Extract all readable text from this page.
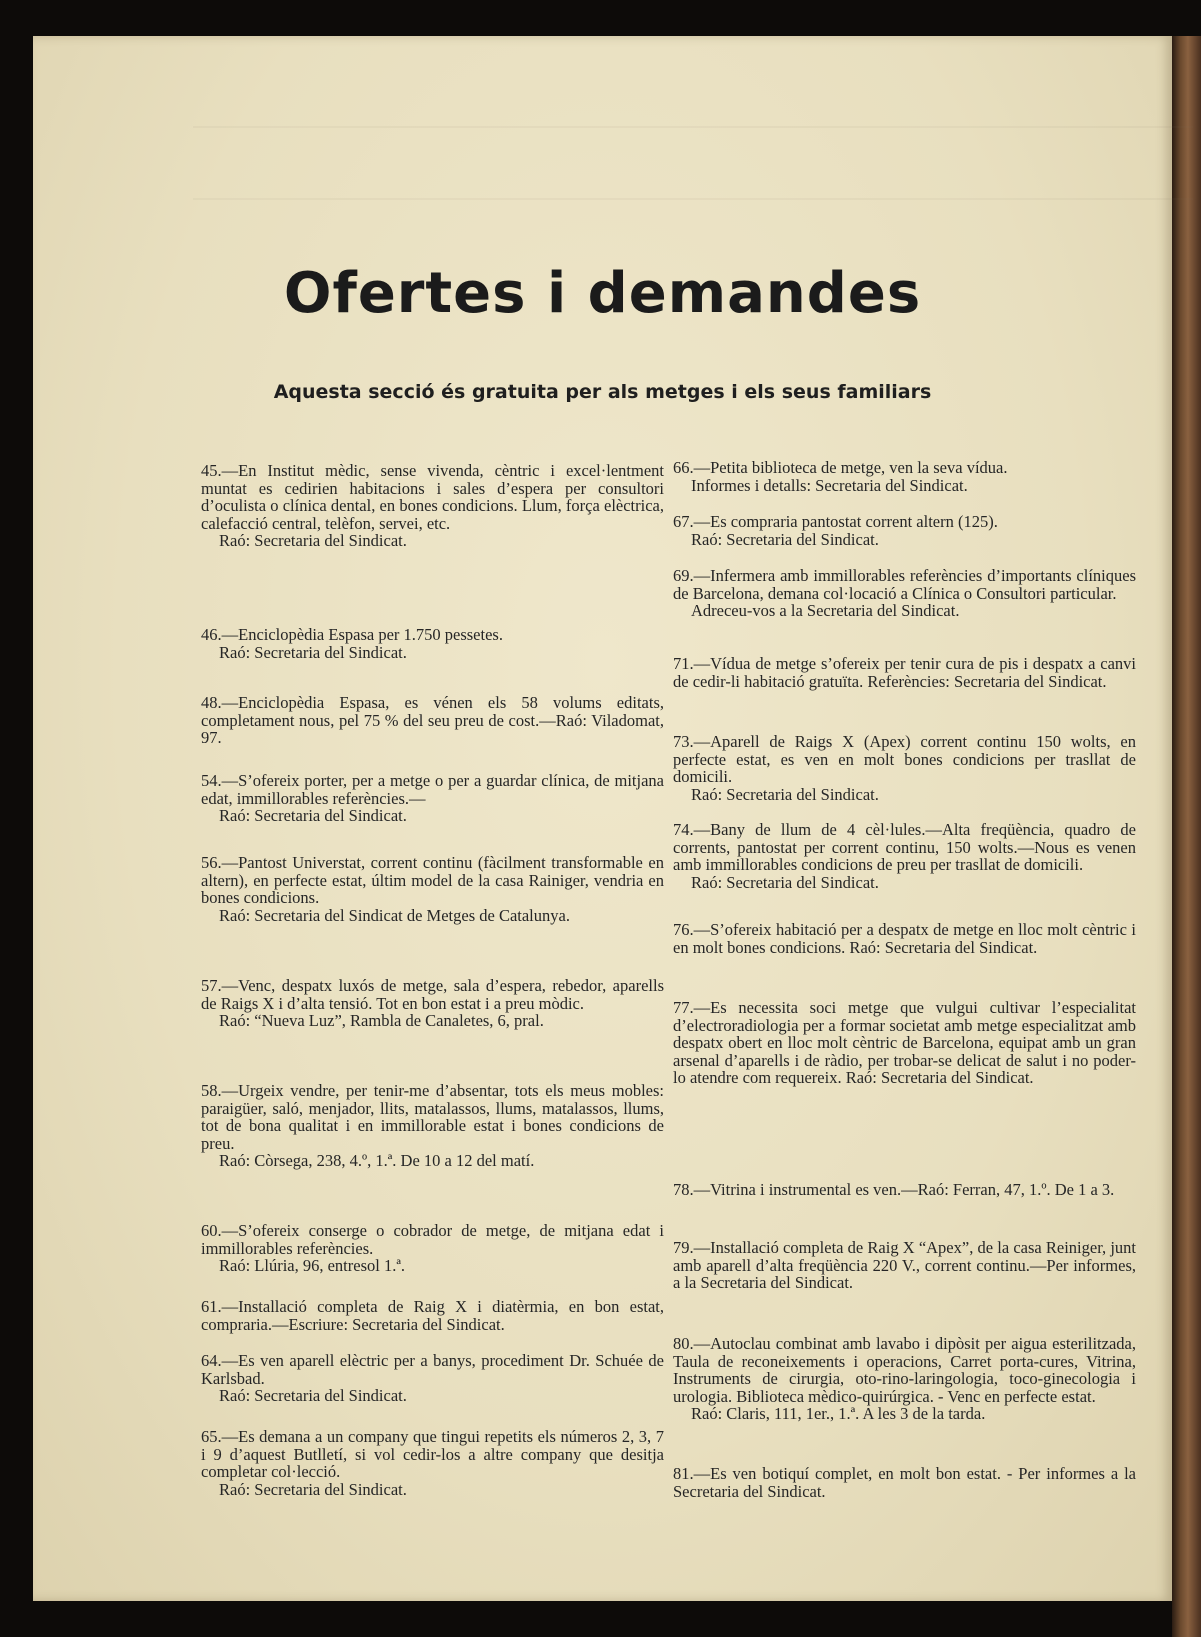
Ofertes i demandes
Aquesta secció és gratuita per als metges i els seus familiars

45.—En Institut mèdic, sense vivenda, cèntric i excel·lentment muntat es cedirien habitacions i sales d’espera per consultori d’oculista o clínica dental, en bones condicions. Llum, força elèctrica, calefacció central, telèfon, servei, etc.
Raó: Secretaria del Sindicat.

46.—Enciclopèdia Espasa per 1.750 pessetes.
Raó: Secretaria del Sindicat.

48.—Enciclopèdia Espasa, es vénen els 58 volums editats, completament nous, pel 75 % del seu preu de cost.—Raó: Viladomat, 97.

54.—S’ofereix porter, per a metge o per a guardar clínica, de mitjana edat, immillorables referències.—
Raó: Secretaria del Sindicat.

56.—Pantost Universtat, corrent continu (fàcilment transformable en altern), en perfecte estat, últim model de la casa Rainiger, vendria en bones condicions.
Raó: Secretaria del Sindicat de Metges de Catalunya.

57.—Venc, despatx luxós de metge, sala d’espera, rebedor, aparells de Raigs X i d’alta tensió. Tot en bon estat i a preu mòdic.
Raó: “Nueva Luz”, Rambla de Canaletes, 6, pral.

58.—Urgeix vendre, per tenir-me d’absentar, tots els meus mobles: paraigüer, saló, menjador, llits, matalassos, llums, matalassos, llums, tot de bona qualitat i en immillorable estat i bones condicions de preu.
Raó: Còrsega, 238, 4.º, 1.ª. De 10 a 12 del matí.

60.—S’ofereix conserge o cobrador de metge, de mitjana edat i immillorables referències.
Raó: Llúria, 96, entresol 1.ª.

61.—Installació completa de Raig X i diatèrmia, en bon estat, compraria.—Escriure: Secretaria del Sindicat.

64.—Es ven aparell elèctric per a banys, procediment Dr. Schuée de Karlsbad.
Raó: Secretaria del Sindicat.

65.—Es demana a un company que tingui repetits els números 2, 3, 7 i 9 d’aquest Butlletí, si vol cedir-los a altre company que desitja completar col·lecció.
Raó: Secretaria del Sindicat.

66.—Petita biblioteca de metge, ven la seva vídua.
Informes i detalls: Secretaria del Sindicat.

67.—Es compraria pantostat corrent altern (125).
Raó: Secretaria del Sindicat.

69.—Infermera amb immillorables referències d’importants clíniques de Barcelona, demana col·locació a Clínica o Consultori particular.
Adreceu-vos a la Secretaria del Sindicat.

71.—Vídua de metge s’ofereix per tenir cura de pis i despatx a canvi de cedir-li habitació gratuïta. Referències: Secretaria del Sindicat.

73.—Aparell de Raigs X (Apex) corrent continu 150 wolts, en perfecte estat, es ven en molt bones condicions per trasllat de domicili.
Raó: Secretaria del Sindicat.

74.—Bany de llum de 4 cèl·lules.—Alta freqüència, quadro de corrents, pantostat per corrent continu, 150 wolts.—Nous es venen amb immillorables condicions de preu per trasllat de domicili.
Raó: Secretaria del Sindicat.

76.—S’ofereix habitació per a despatx de metge en lloc molt cèntric i en molt bones condicions. Raó: Secretaria del Sindicat.

77.—Es necessita soci metge que vulgui cultivar l’especialitat d’electroradiologia per a formar societat amb metge especialitzat amb despatx obert en lloc molt cèntric de Barcelona, equipat amb un gran arsenal d’aparells i de ràdio, per trobar-se delicat de salut i no poder-lo atendre com requereix. Raó: Secretaria del Sindicat.

78.—Vitrina i instrumental es ven.—Raó: Ferran, 47, 1.º. De 1 a 3.

79.—Installació completa de Raig X “Apex”, de la casa Reiniger, junt amb aparell d’alta freqüència 220 V., corrent continu.—Per informes, a la Secretaria del Sindicat.

80.—Autoclau combinat amb lavabo i dipòsit per aigua esterilitzada, Taula de reconeixements i operacions, Carret porta-cures, Vitrina, Instruments de cirurgia, oto-rino-laringologia, toco-ginecologia i urologia. Biblioteca mèdico-quirúrgica. - Venc en perfecte estat.
Raó: Claris, 111, 1er., 1.ª. A les 3 de la tarda.

81.—Es ven botiquí complet, en molt bon estat. - Per informes a la Secretaria del Sindicat.
